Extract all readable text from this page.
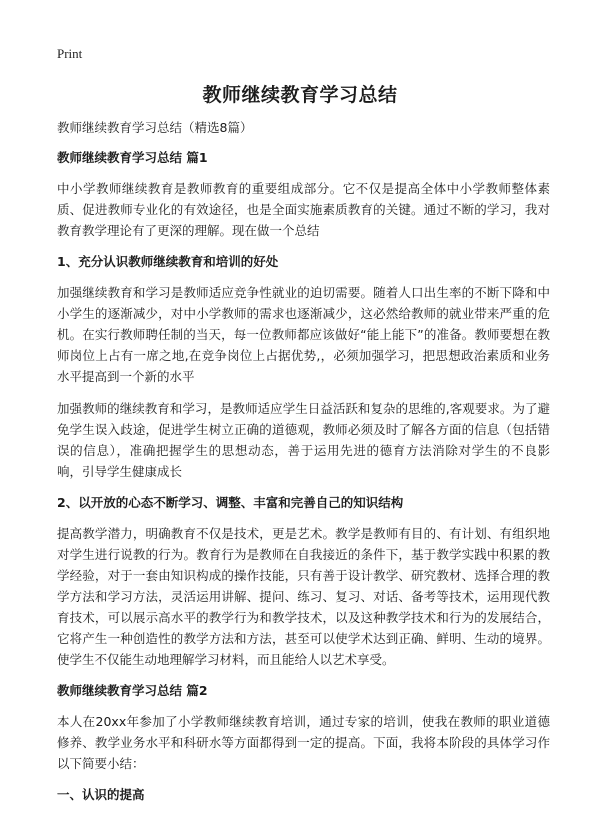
Print
教师继续教育学习总结

教师继续教育学习总结（精选8篇）

教师继续教育学习总结 篇1

中小学教师继续教育是教师教育的重要组成部分。它不仅是提高全体中小学教师整体素质、促进教师专业化的有效途径，也是全面实施素质教育的关键。通过不断的学习，我对教育教学理论有了更深的理解。现在做一个总结

1、充分认识教师继续教育和培训的好处

加强继续教育和学习是教师适应竞争性就业的迫切需要。随着人口出生率的不断下降和中小学生的逐渐减少，对中小学教师的需求也逐渐减少，这必然给教师的就业带来严重的危机。在实行教师聘任制的当天，每一位教师都应该做好“能上能下”的准备。教师要想在教师岗位上占有一席之地,在竞争岗位上占据优势,，必须加强学习，把思想政治素质和业务水平提高到一个新的水平

加强教师的继续教育和学习，是教师适应学生日益活跃和复杂的思维的,客观要求。为了避免学生误入歧途，促进学生树立正确的道德观，教师必须及时了解各方面的信息（包括错误的信息），准确把握学生的思想动态，善于运用先进的德育方法消除对学生的不良影响，引导学生健康成长

2、以开放的心态不断学习、调整、丰富和完善自己的知识结构

提高教学潜力，明确教育不仅是技术，更是艺术。教学是教师有目的、有计划、有组织地对学生进行说教的行为。教育行为是教师在自我接近的条件下，基于教学实践中积累的教学经验，对于一套由知识构成的操作技能，只有善于设计教学、研究教材、选择合理的教学方法和学习方法，灵活运用讲解、提问、练习、复习、对话、备考等技术，运用现代教育技术，可以展示高水平的教学行为和教学技术，以及这种教学技术和行为的发展结合，它将产生一种创造性的教学方法和方法，甚至可以使学术达到正确、鲜明、生动的境界。使学生不仅能生动地理解学习材料，而且能给人以艺术享受。

教师继续教育学习总结 篇2

本人在20xx年参加了小学教师继续教育培训，通过专家的培训，使我在教师的职业道德修养、教学业务水平和科研水等方面都得到一定的提高。下面，我将本阶段的具体学习作以下简要小结：

一、认识的提高
